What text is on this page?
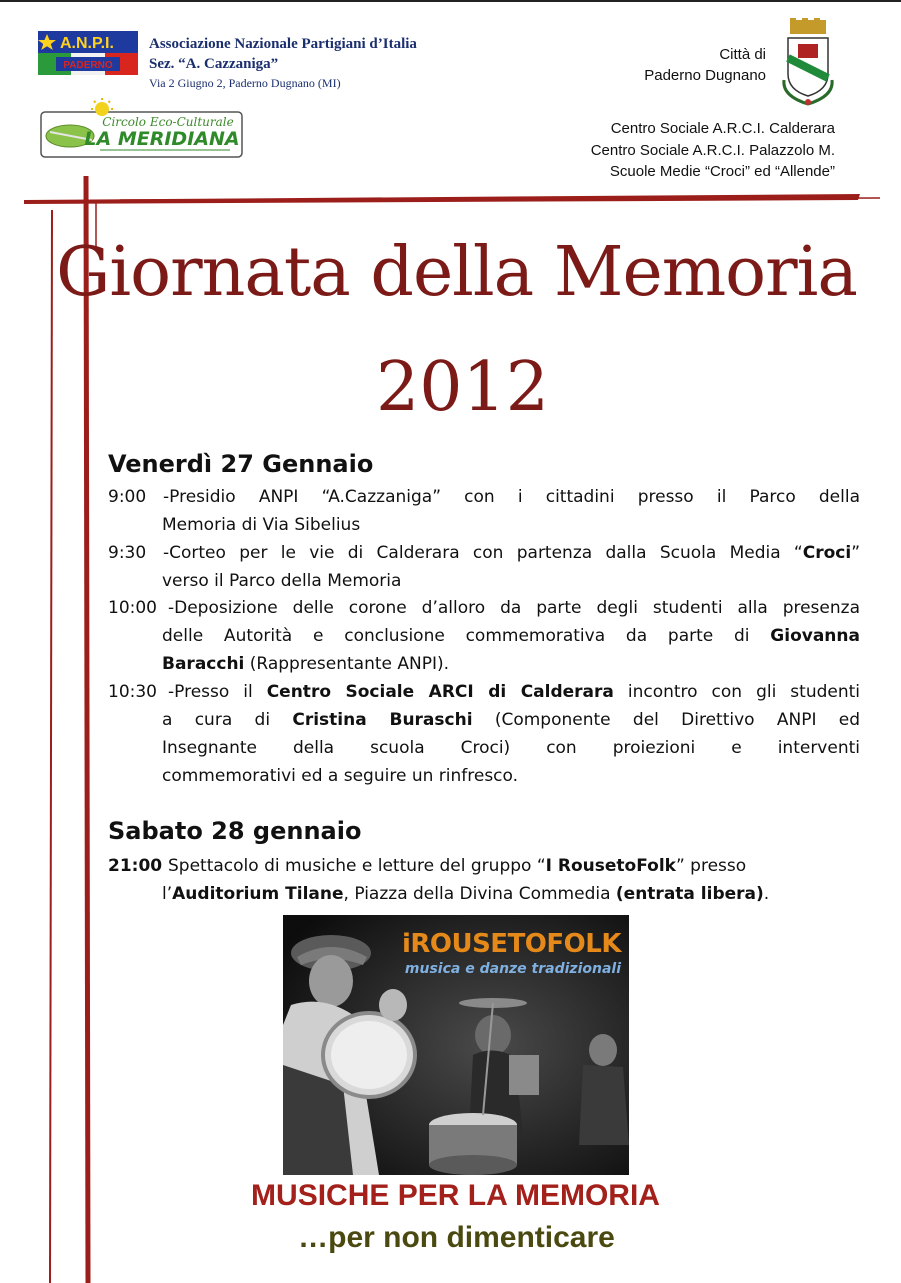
A.N.P.I.
PADERNO
Associazione Nazionale Partigiani d’Italia
Sez. “A. Cazzaniga”
Via 2 Giugno 2, Paderno Dugnano (MI)
Circolo Eco-Culturale
LA MERIDIANA
Città di
Paderno Dugnano
Centro Sociale A.R.C.I. Calderara
Centro Sociale A.R.C.I. Palazzolo M.
Scuole Medie “Croci” ed “Allende”
Giornata della Memoria
2012
Venerdì 27 Gennaio
9:00 -Presidio ANPI “A.Cazzaniga” con i cittadini presso il Parco della
Memoria di Via Sibelius
9:30 -Corteo per le vie di Calderara con partenza dalla Scuola Media “Croci”
verso il Parco della Memoria
10:00 -Deposizione delle corone d’alloro da parte degli studenti alla presenza
delle Autorità e conclusione commemorativa da parte di Giovanna
Baracchi (Rappresentante ANPI).
10:30 -Presso il Centro Sociale ARCI di Calderara incontro con gli studenti
a cura di Cristina Buraschi (Componente del Direttivo ANPI ed
Insegnante della scuola Croci) con proiezioni e interventi
commemorativi ed a seguire un rinfresco.
Sabato 28 gennaio
21:00 Spettacolo di musiche e letture del gruppo “I RousetoFolk” presso
l’Auditorium Tilane, Piazza della Divina Commedia (entrata libera).
iROUSETOFOLK
musica e danze tradizionali
MUSICHE PER LA MEMORIA
…per non dimenticare
